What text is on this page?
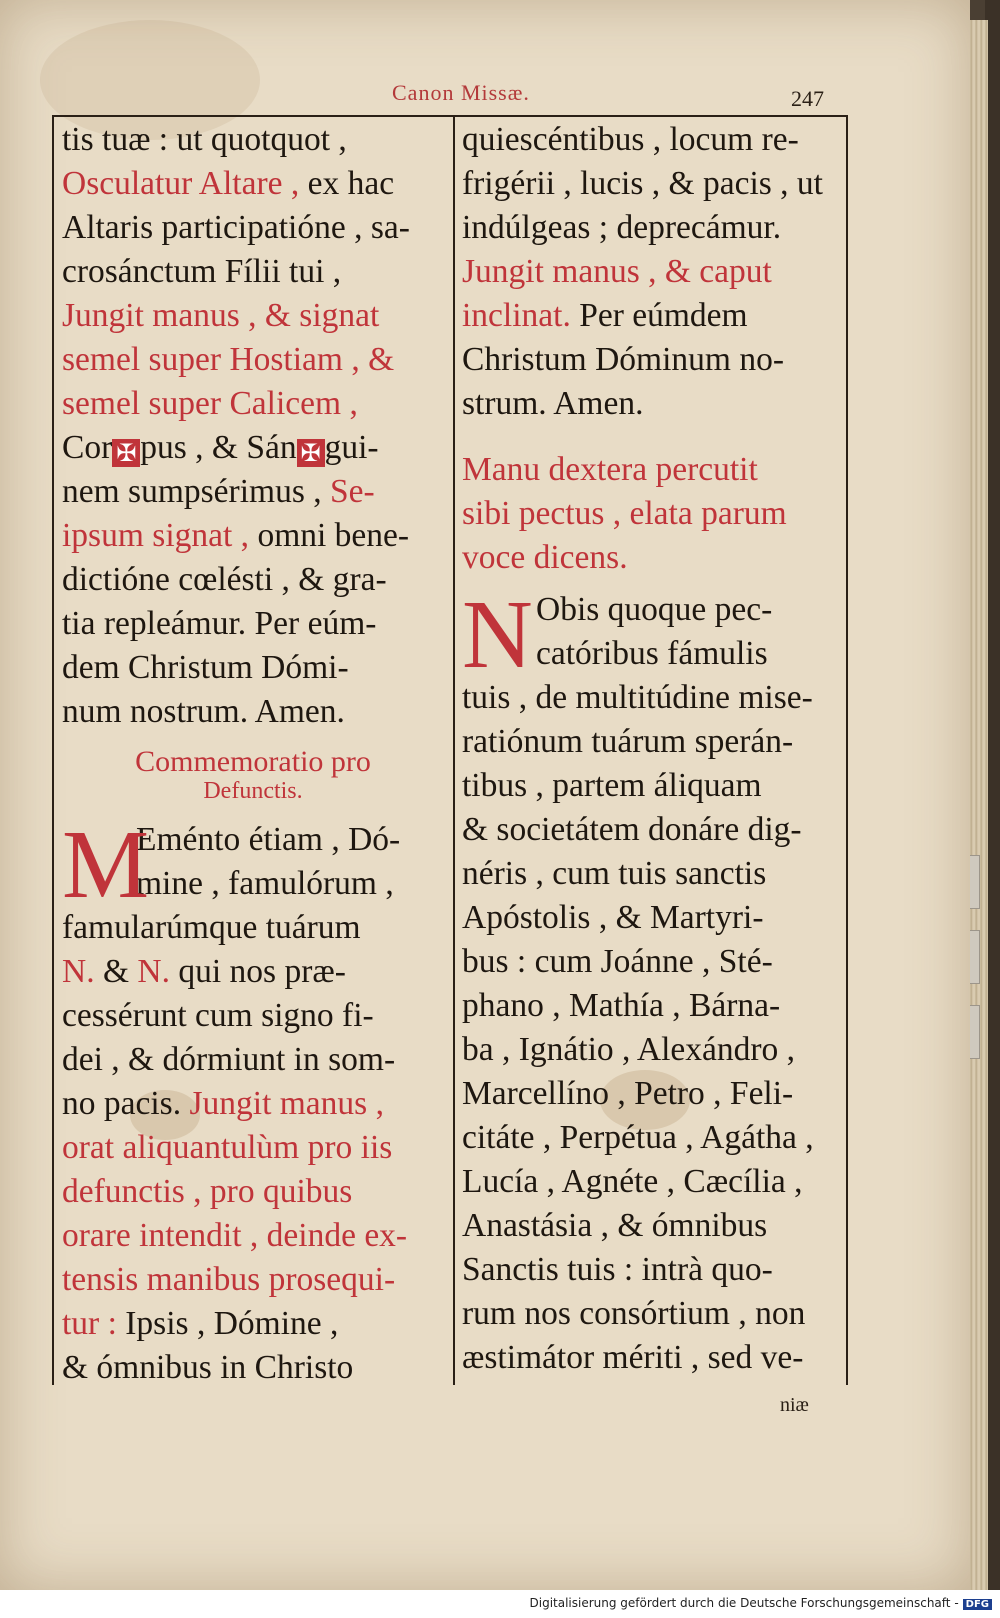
Canon Missæ.	247
tis tuæ : ut quotquot ,
Osculatur Altare , ex hac
Altaris participatióne , sa-
crosánctum Fílii tui ,
Jungit manus , & signat
semel super Hostiam , &
semel super Calicem ,
Cor ✠ pus , & Sán ✠ gui-
nem sumpsérimus , Se-
ipsum signat , omni bene-
dictióne cœlésti , & gra-
tia repleámur. Per eúm-
dem Christum Dómi-
num nostrum. Amen.
Commemoratio pro
Defunctis.
M
Eménto étiam , Dó-
mine , famulórum ,
famularúmque tuárum
N. & N. qui nos præ-
cessérunt cum signo fi-
dei , & dórmiunt in som-
no pacis. Jungit manus ,
orat aliquantulùm pro iis
defunctis , pro quibus
orare intendit , deinde ex-
tensis manibus prosequi-
tur : Ipsis , Dómine ,
& ómnibus in Christo
quiescéntibus , locum re-
frigérii , lucis , & pacis , ut
indúlgeas ; deprecámur.
Jungit manus , & caput
inclinat. Per eúmdem
Christum Dóminum no-
strum. Amen.
Manu dextera percutit
sibi pectus , elata parum
voce dicens.
N Obis quoque pec-
catóribus fámulis
tuis , de multitúdine mise-
ratiónum tuárum sperán-
tibus , partem áliquam
& societátem donáre dig-
néris , cum tuis sanctis
Apóstolis , & Martyri-
bus : cum Joánne , Sté-
phano , Mathía , Bárna-
ba , Ignátio , Alexándro ,
Marcellíno , Petro , Feli-
citáte , Perpétua , Agátha ,
Lucía , Agnéte , Cæcília ,
Anastásia , & ómnibus
Sanctis tuis : intrà quo-
rum nos consórtium , non
æstimátor mériti , sed ve-
niæ
Digitalisierung gefördert durch die Deutsche Forschungsgemeinschaft - DFG
